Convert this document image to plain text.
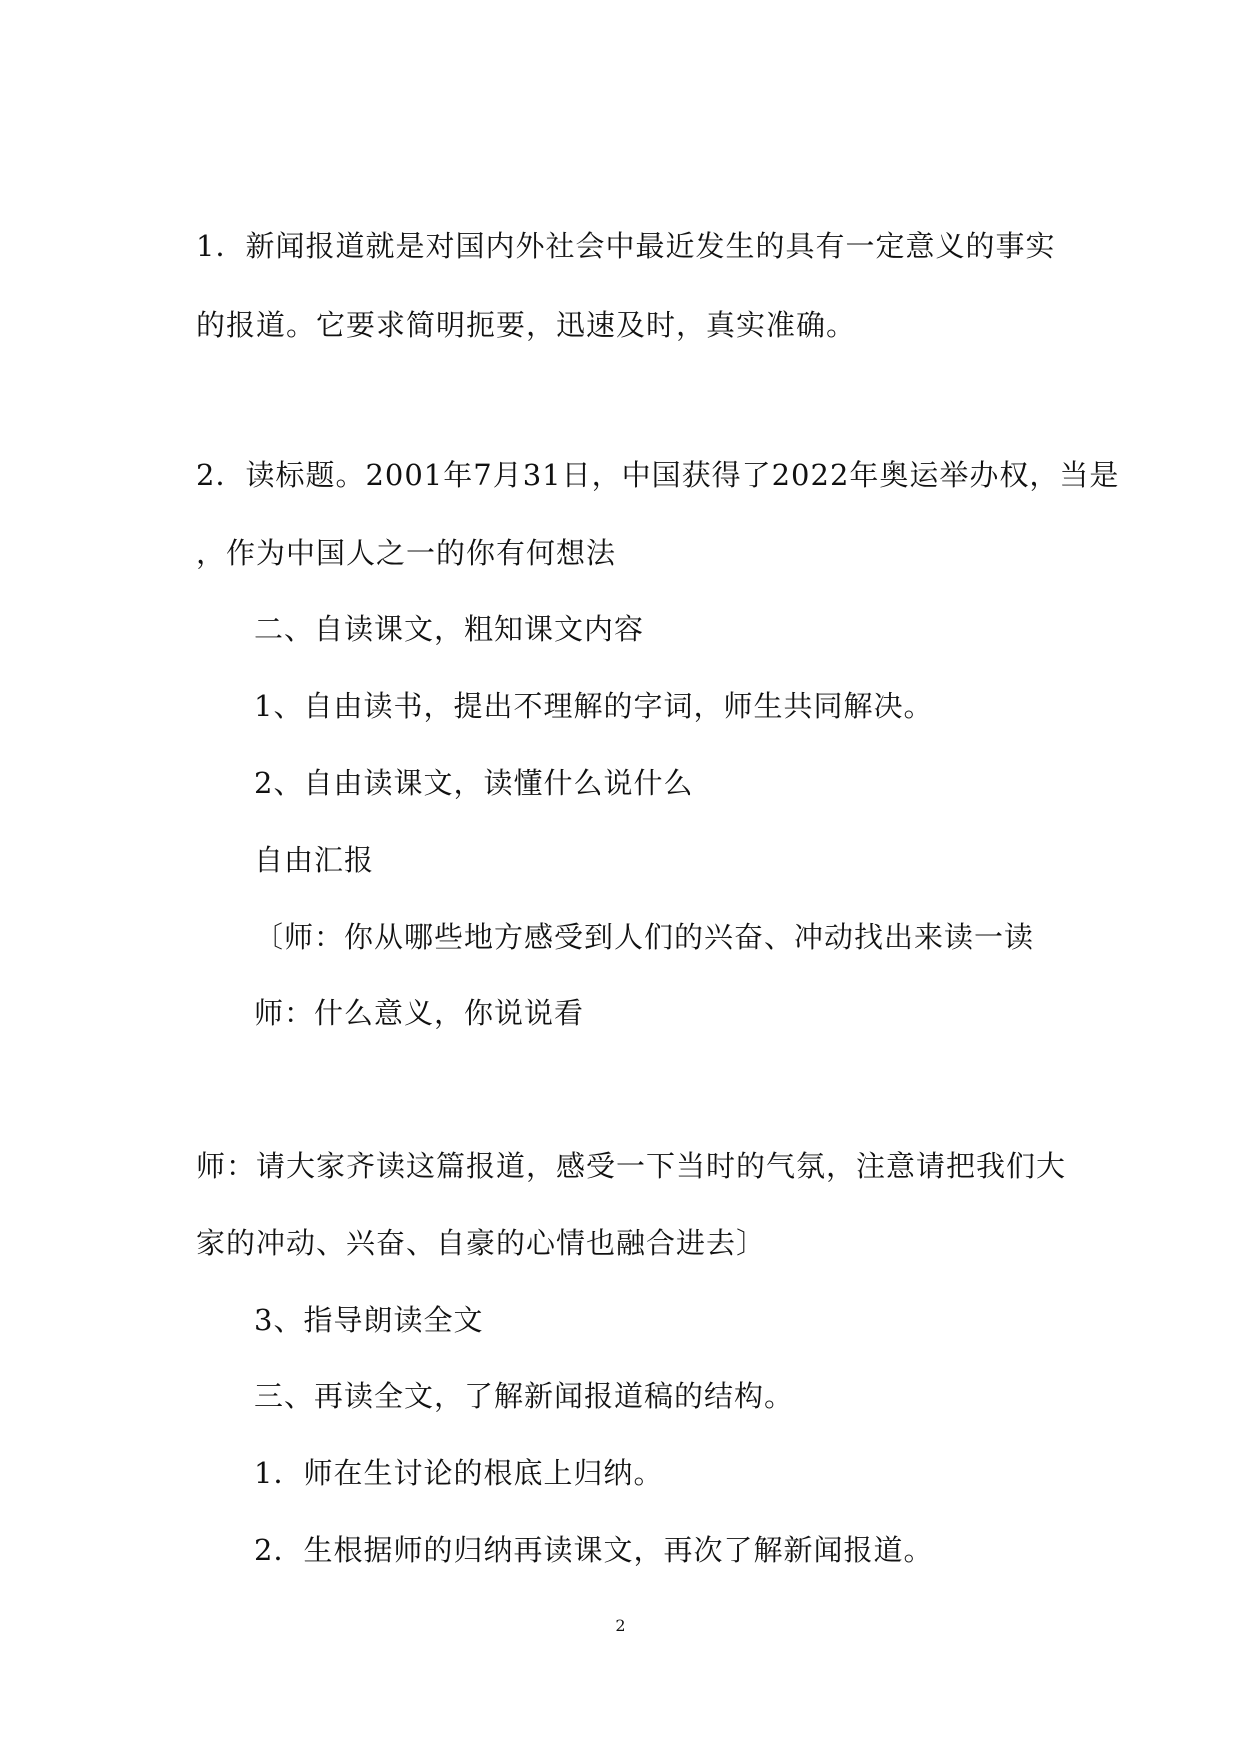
1．新闻报道就是对国内外社会中最近发生的具有一定意义的事实
的报道。它要求简明扼要，迅速及时，真实准确。
2．读标题。2001年7月31日，中国获得了2022年奥运举办权，当是
，作为中国人之一的你有何想法
二、自读课文，粗知课文内容
1、自由读书，提出不理解的字词，师生共同解决。
2、自由读课文，读懂什么说什么
自由汇报
〔师：你从哪些地方感受到人们的兴奋、冲动找出来读一读
师：什么意义，你说说看
师：请大家齐读这篇报道，感受一下当时的气氛，注意请把我们大
家的冲动、兴奋、自豪的心情也融合进去〕
3、指导朗读全文
三、再读全文，了解新闻报道稿的结构。
1．师在生讨论的根底上归纳。
2．生根据师的归纳再读课文，再次了解新闻报道。
2
